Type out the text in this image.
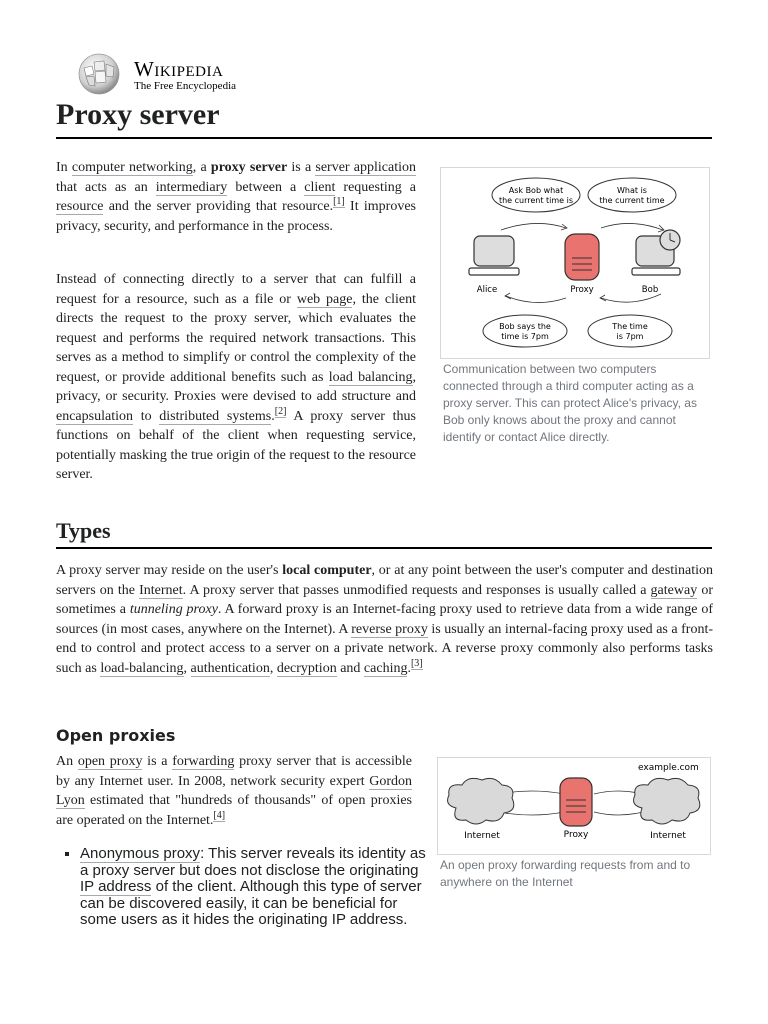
Wikipedia
The Free Encyclopedia
Proxy server

In computer networking, a proxy server is a server application that acts as an intermediary between a client requesting a resource and the server providing that resource.[1] It improves privacy, security, and performance in the process.

Instead of connecting directly to a server that can fulfill a request for a resource, such as a file or web page, the client directs the request to the proxy server, which evaluates the request and performs the required network transactions. This serves as a method to simplify or control the complexity of the request, or provide additional benefits such as load balancing, privacy, or security. Proxies were devised to add structure and encapsulation to distributed systems.[2] A proxy server thus functions on behalf of the client when requesting service, potentially masking the true origin of the request to the resource server.

Ask Bob what
the current time is
What is
the current time
Alice	Proxy	Bob
Bob says the
time is 7pm
The time
is 7pm
Communication between two computers connected through a third computer acting as a proxy server. This can protect Alice's privacy, as Bob only knows about the proxy and cannot identify or contact Alice directly.
Types

A proxy server may reside on the user's local computer, or at any point between the user's computer and destination servers on the Internet. A proxy server that passes unmodified requests and responses is usually called a gateway or sometimes a tunneling proxy. A forward proxy is an Internet-facing proxy used to retrieve data from a wide range of sources (in most cases, anywhere on the Internet). A reverse proxy is usually an internal-facing proxy used as a front-end to control and protect access to a server on a private network. A reverse proxy commonly also performs tasks such as load-balancing, authentication, decryption and caching.[3]

Open proxies

An open proxy is a forwarding proxy server that is accessible by any Internet user. In 2008, network security expert Gordon Lyon estimated that "hundreds of thousands" of open proxies are operated on the Internet.[4]

▪ Anonymous proxy: This server reveals its identity as a proxy server but does not disclose the originating IP address of the client. Although this type of server can be discovered easily, it can be beneficial for some users as it hides the originating IP address.
example.com
Internet	Proxy	Internet
An open proxy forwarding requests from and to anywhere on the Internet
